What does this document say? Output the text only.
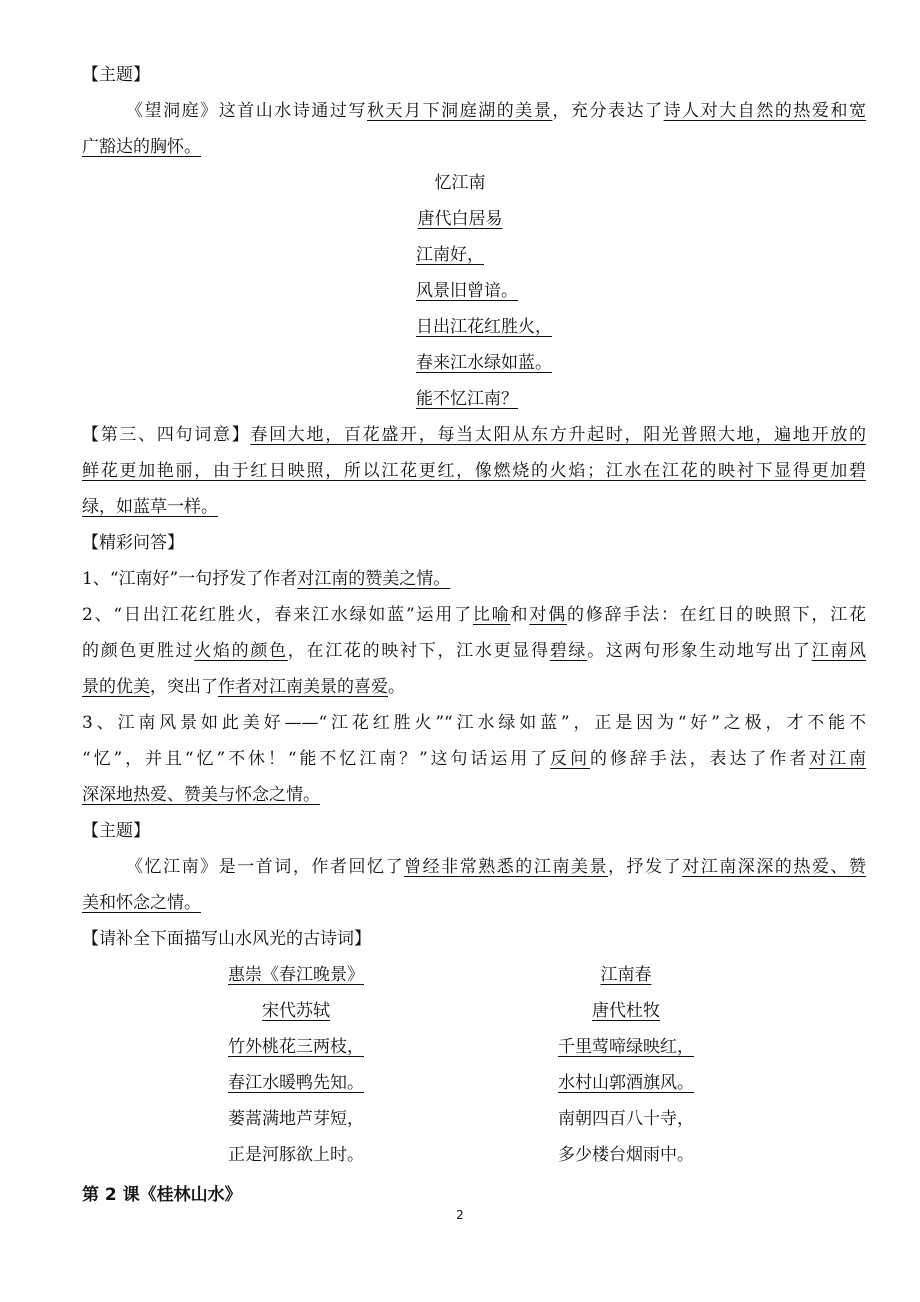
【主题】
《望洞庭》这首山水诗通过写秋天月下洞庭湖的美景，充分表达了诗人对大自然的热爱和宽
广豁达的胸怀。
忆江南
唐代白居易
江南好，
风景旧曾谙。
日出江花红胜火，
春来江水绿如蓝。
能不忆江南？
【第三、四句词意】春回大地，百花盛开，每当太阳从东方升起时，阳光普照大地，遍地开放的
鲜花更加艳丽，由于红日映照，所以江花更红，像燃烧的火焰；江水在江花的映衬下显得更加碧
绿，如蓝草一样。
【精彩问答】
1、“江南好”一句抒发了作者对江南的赞美之情。
2、“日出江花红胜火，春来江水绿如蓝”运用了比喻和对偶的修辞手法：在红日的映照下，江花
的颜色更胜过火焰的颜色，在江花的映衬下，江水更显得碧绿。这两句形象生动地写出了江南风
景的优美，突出了作者对江南美景的喜爱。
3、江南风景如此美好——“江花红胜火”“江水绿如蓝”，正是因为“好”之极，才不能不
“忆”，并且“忆”不休！“能不忆江南？”这句话运用了反问的修辞手法，表达了作者对江南
深深地热爱、赞美与怀念之情。
【主题】
《忆江南》是一首词，作者回忆了曾经非常熟悉的江南美景，抒发了对江南深深的热爱、赞
美和怀念之情。
【请补全下面描写山水风光的古诗词】
惠崇《春江晚景》
宋代苏轼
竹外桃花三两枝，
春江水暖鸭先知。
蒌蒿满地芦芽短，
正是河豚欲上时。
江南春
唐代杜牧
千里莺啼绿映红，
水村山郭酒旗风。
南朝四百八十寺，
多少楼台烟雨中。
第 2 课《桂林山水》
2
